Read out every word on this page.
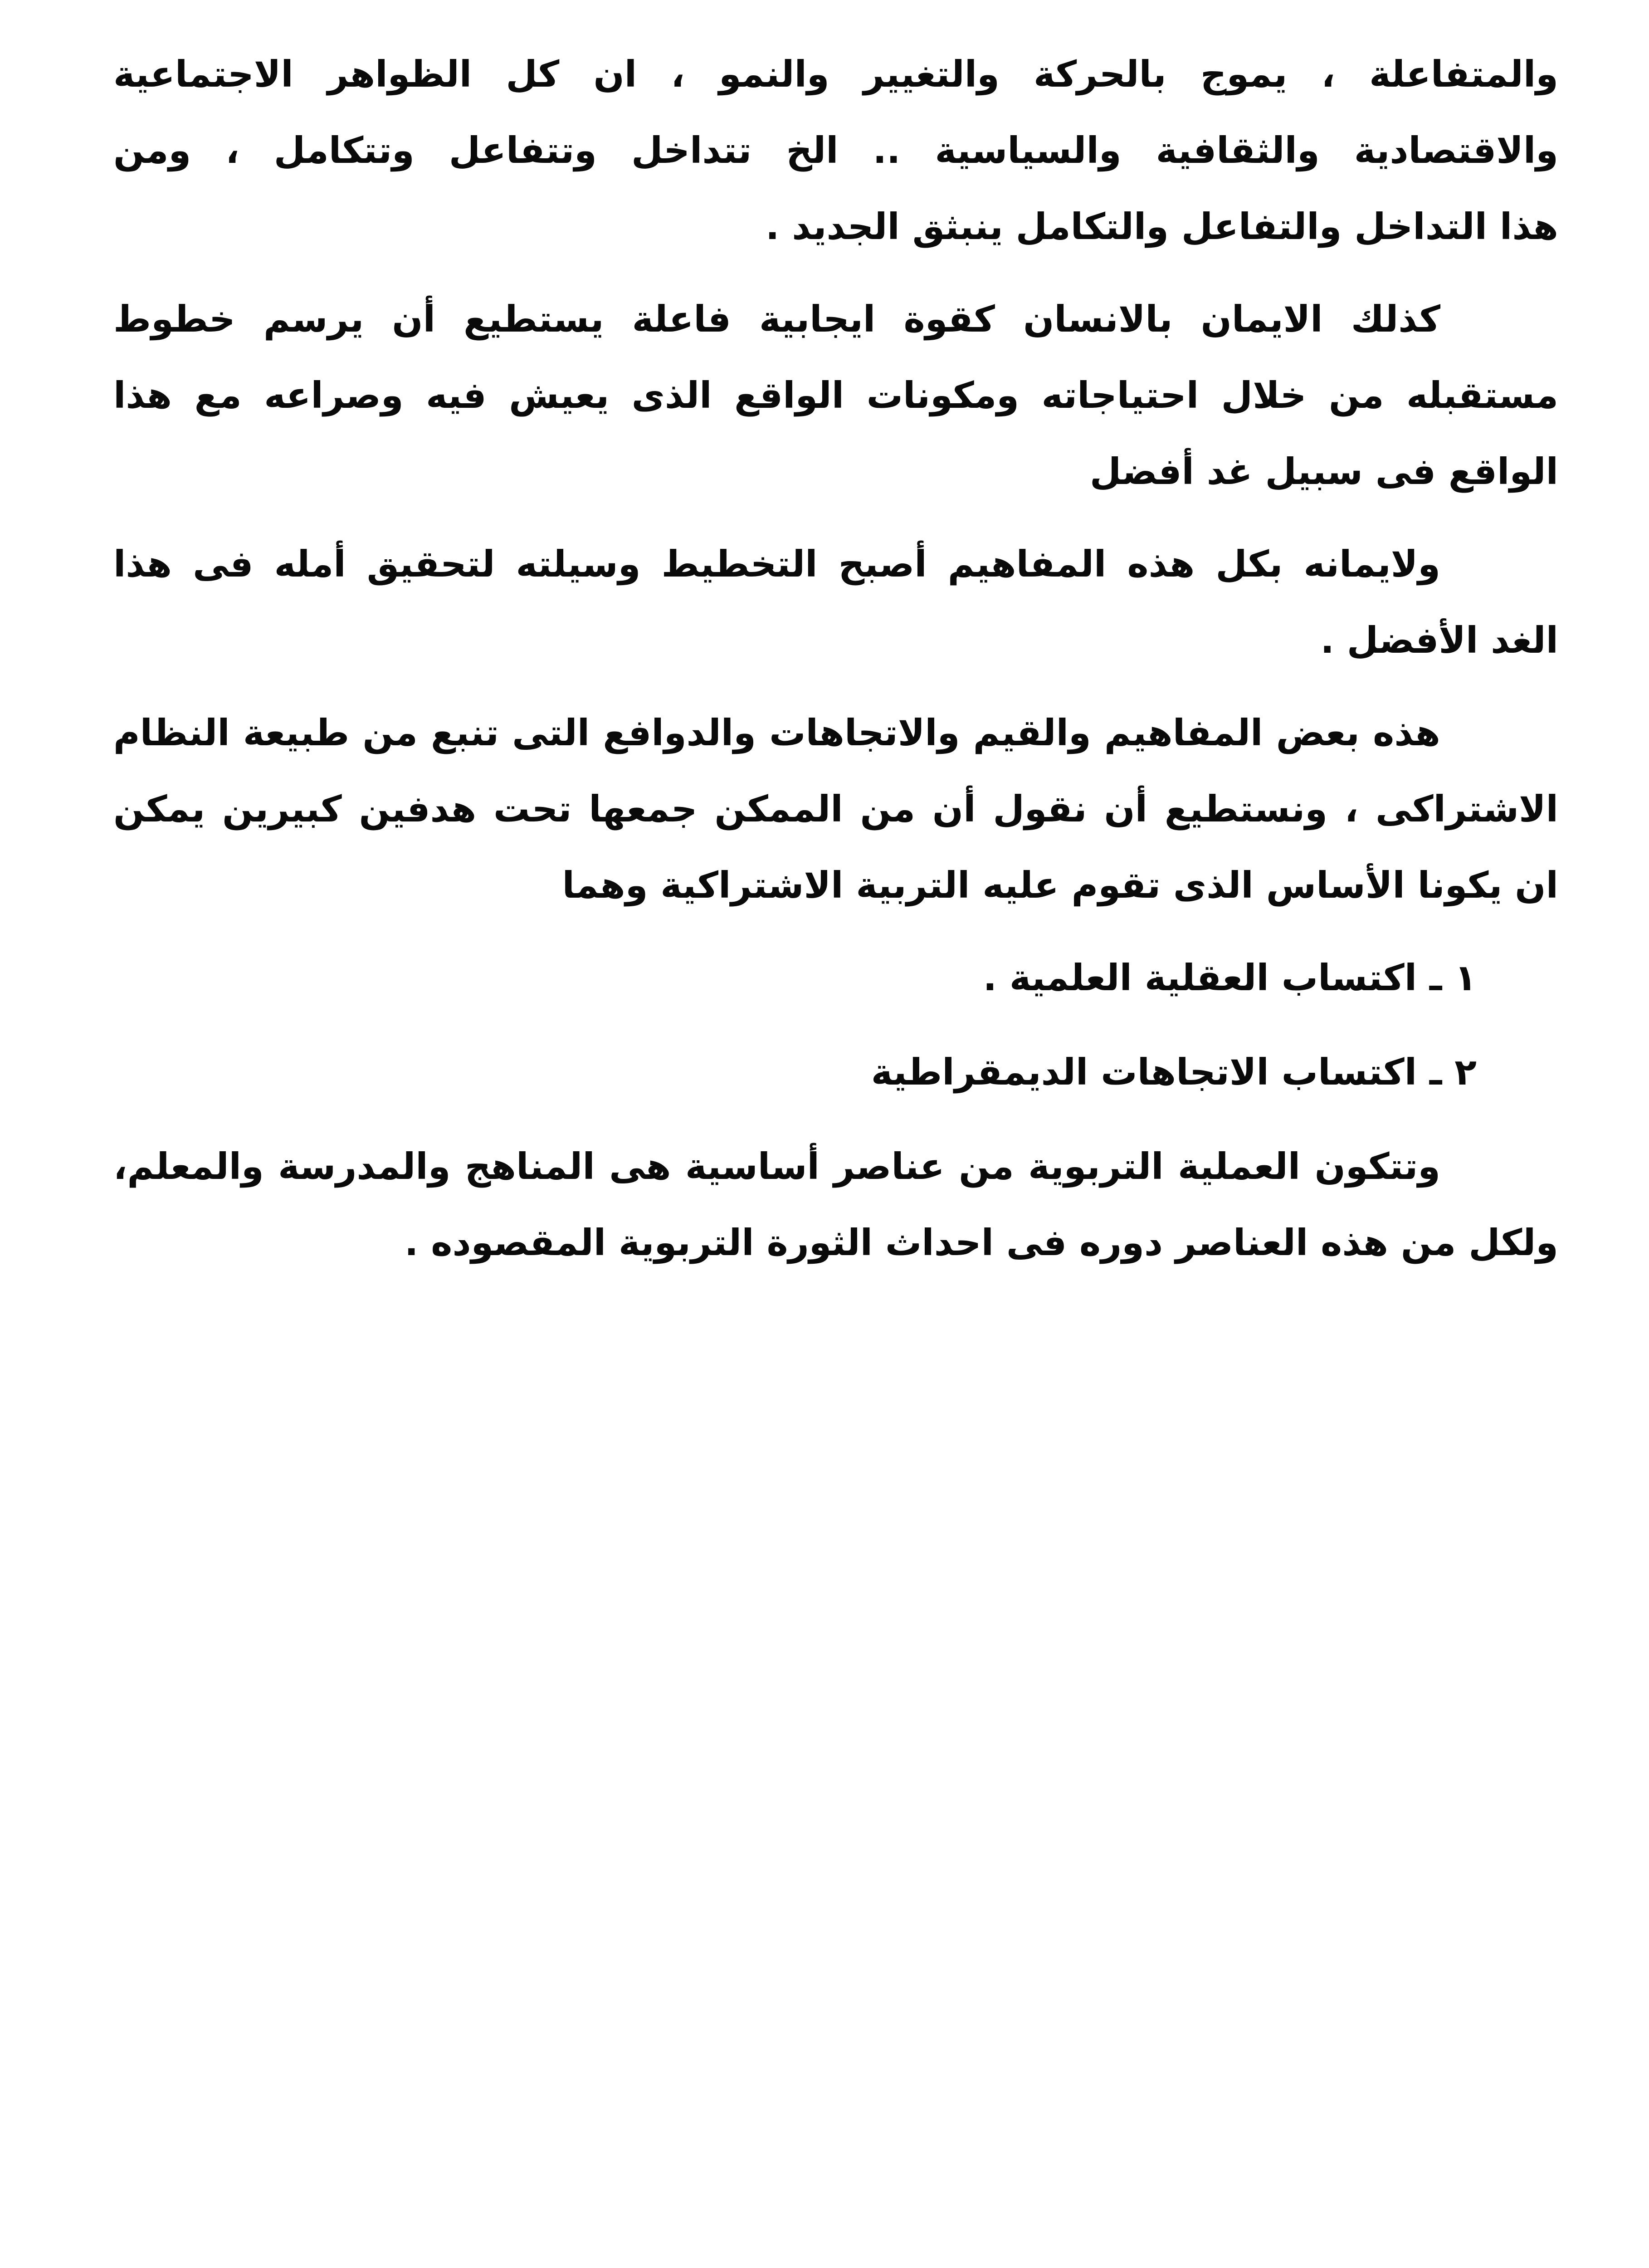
والمتفاعلة ، يموج بالحركة والتغيير والنمو ، ان كل الظواهر الاجتماعية
والاقتصادية والثقافية والسياسية .. الخ تتداخل وتتفاعل وتتكامل ، ومن
هذا التداخل والتفاعل والتكامل ينبثق الجديد .
كذلك الايمان بالانسان كقوة ايجابية فاعلة يستطيع أن يرسم خطوط
مستقبله من خلال احتياجاته ومكونات الواقع الذى يعيش فيه وصراعه مع هذا
الواقع فى سبيل غد أفضل
ولايمانه بكل هذه المفاهيم أصبح التخطيط وسيلته لتحقيق أمله فى هذا
الغد الأفضل .
هذه بعض المفاهيم والقيم والاتجاهات والدوافع التى تنبع من طبيعة النظام
الاشتراكى ، ونستطيع أن نقول أن من الممكن جمعها تحت هدفين كبيرين يمكن
ان يكونا الأساس الذى تقوم عليه التربية الاشتراكية وهما
١ ـ اكتساب العقلية العلمية .
٢ ـ اكتساب الاتجاهات الديمقراطية
وتتكون العملية التربوية من عناصر أساسية هى المناهج والمدرسة والمعلم،
ولكل من هذه العناصر دوره فى احداث الثورة التربوية المقصوده .
